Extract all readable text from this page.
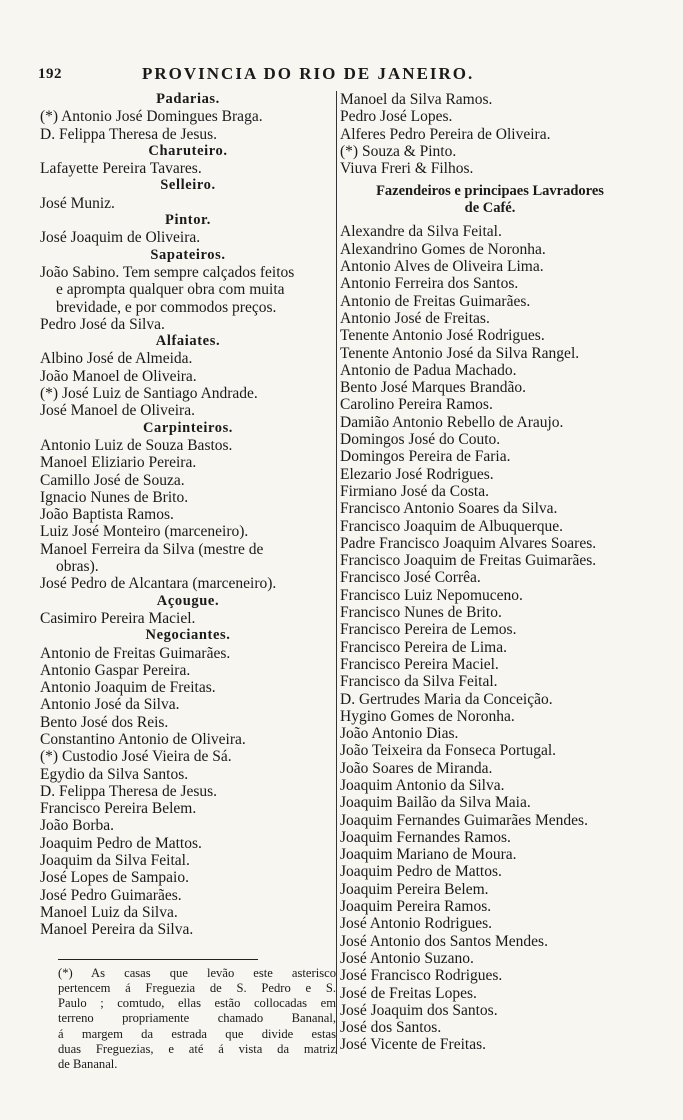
192	PROVINCIA DO RIO DE JANEIRO.
Padarias.
(*) Antonio José Domingues Braga.
D. Felippa Theresa de Jesus.
Charuteiro.
Lafayette Pereira Tavares.
Selleiro.
José Muniz.
Pintor.
José Joaquim de Oliveira.
Sapateiros.
João Sabino. Tem sempre calçados feitos
e apromptа qualquer obra com muita
brevidade, e por commodos preços.
Pedro José da Silva.
Alfaiates.
Albino José de Almeida.
João Manoel de Oliveira.
(*) José Luiz de Santiago Andrade.
José Manoel de Oliveira.
Carpinteiros.
Antonio Luiz de Souza Bastos.
Manoel Eliziario Pereira.
Camillo José de Souza.
Ignacio Nunes de Brito.
João Baptista Ramos.
Luiz José Monteiro (marceneiro).
Manoel Ferreira da Silva (mestre de
obras).
José Pedro de Alcantara (marceneiro).
Açougue.
Casimiro Pereira Maciel.
Negociantes.
Antonio de Freitas Guimarães.
Antonio Gaspar Pereira.
Antonio Joaquim de Freitas.
Antonio José da Silva.
Bento José dos Reis.
Constantino Antonio de Oliveira.
(*) Custodio José Vieira de Sá.
Egydio da Silva Santos.
D. Felippa Theresa de Jesus.
Francisco Pereira Belem.
João Borba.
Joaquim Pedro de Mattos.
Joaquim da Silva Feital.
José Lopes de Sampaio.
José Pedro Guimarães.
Manoel Luiz da Silva.
Manoel Pereira da Silva.
(*) As casas que levão este asterisco
pertencem á Freguezia de S. Pedro e S.
Paulo ; comtudo, ellas estão collocadas em
terreno propriamente chamado Bananal,
á margem da estrada que divide estas
duas Freguezias, e até á vista da matriz
de Bananal.
Manoel da Silva Ramos.
Pedro José Lopes.
Alferes Pedro Pereira de Oliveira.
(*) Souza & Pinto.
Viuva Freri & Filhos.
Fazendeiros e principaes Lavradores
de Café.
Alexandre da Silva Feital.
Alexandrino Gomes de Noronha.
Antonio Alves de Oliveira Lima.
Antonio Ferreira dos Santos.
Antonio de Freitas Guimarães.
Antonio José de Freitas.
Tenente Antonio José Rodrigues.
Tenente Antonio José da Silva Rangel.
Antonio de Padua Machado.
Bento José Marques Brandão.
Carolino Pereira Ramos.
Damião Antonio Rebello de Araujo.
Domingos José do Couto.
Domingos Pereira de Faria.
Elezario José Rodrigues.
Firmiano José da Costa.
Francisco Antonio Soares da Silva.
Francisco Joaquim de Albuquerque.
Padre Francisco Joaquim Alvares Soares.
Francisco Joaquim de Freitas Guimarães.
Francisco José Corrêa.
Francisco Luiz Nepomuceno.
Francisco Nunes de Brito.
Francisco Pereira de Lemos.
Francisco Pereira de Lima.
Francisco Pereira Maciel.
Francisco da Silva Feital.
D. Gertrudes Maria da Conceição.
Hygino Gomes de Noronha.
João Antonio Dias.
João Teixeira da Fonseca Portugal.
João Soares de Miranda.
Joaquim Antonio da Silva.
Joaquim Bailão da Silva Maia.
Joaquim Fernandes Guimarães Mendes.
Joaquim Fernandes Ramos.
Joaquim Mariano de Moura.
Joaquim Pedro de Mattos.
Joaquim Pereira Belem.
Joaquim Pereira Ramos.
José Antonio Rodrigues.
José Antonio dos Santos Mendes.
José Antonio Suzano.
José Francisco Rodrigues.
José de Freitas Lopes.
José Joaquim dos Santos.
José dos Santos.
José Vicente de Freitas.
